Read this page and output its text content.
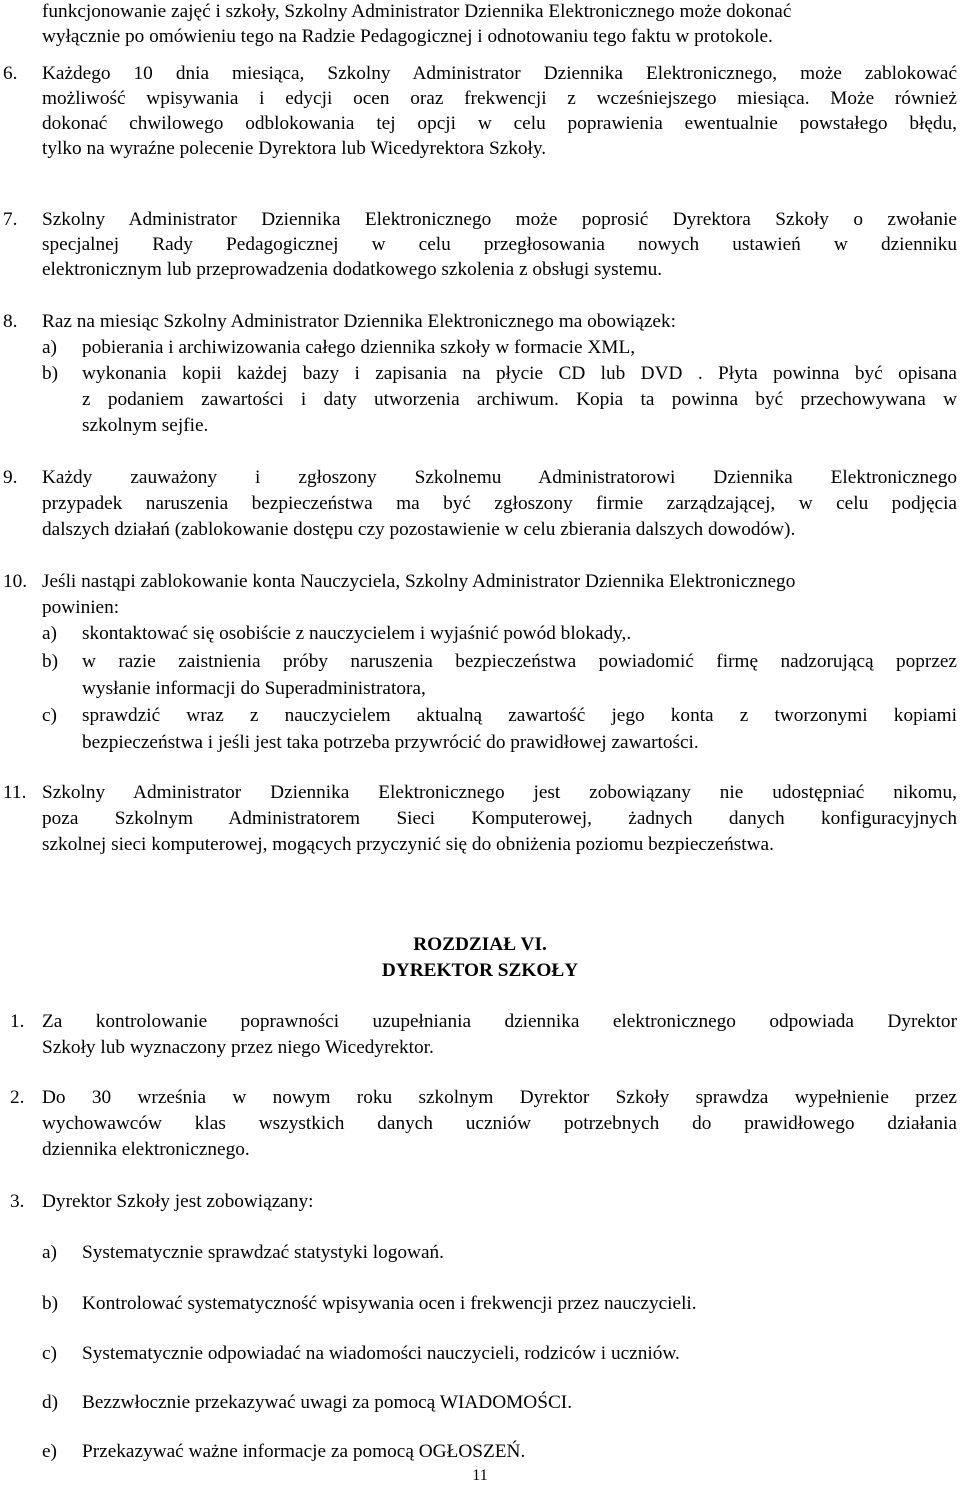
funkcjonowanie zajęć i szkoły, Szkolny Administrator Dziennika Elektronicznego może dokonać
wyłącznie po omówieniu tego na Radzie Pedagogicznej i odnotowaniu tego faktu w protokole.
6. Każdego 10 dnia miesiąca, Szkolny Administrator Dziennika Elektronicznego, może zablokować
możliwość wpisywania i edycji ocen oraz frekwencji z wcześniejszego miesiąca. Może również
dokonać chwilowego odblokowania tej opcji w celu poprawienia ewentualnie powstałego błędu,
tylko na wyraźne polecenie Dyrektora lub Wicedyrektora Szkoły.
7. Szkolny Administrator Dziennika Elektronicznego może poprosić Dyrektora Szkoły o zwołanie
specjalnej Rady Pedagogicznej w celu przegłosowania nowych ustawień w dzienniku
elektronicznym lub przeprowadzenia dodatkowego szkolenia z obsługi systemu.
8. Raz na miesiąc Szkolny Administrator Dziennika Elektronicznego ma obowiązek:
a) pobierania i archiwizowania całego dziennika szkoły w formacie XML,
b) wykonania kopii każdej bazy i zapisania na płycie CD lub DVD . Płyta powinna być opisana
z podaniem zawartości i daty utworzenia archiwum. Kopia ta powinna być przechowywana w
szkolnym sejfie.
9. Każdy zauważony i zgłoszony Szkolnemu Administratorowi Dziennika Elektronicznego
przypadek naruszenia bezpieczeństwa ma być zgłoszony firmie zarządzającej, w celu podjęcia
dalszych działań (zablokowanie dostępu czy pozostawienie w celu zbierania dalszych dowodów).
10. Jeśli nastąpi zablokowanie konta Nauczyciela, Szkolny Administrator Dziennika Elektronicznego
powinien:
a) skontaktować się osobiście z nauczycielem i wyjaśnić powód blokady,.
b) w razie zaistnienia próby naruszenia bezpieczeństwa powiadomić firmę nadzorującą poprzez
wysłanie informacji do Superadministratora,
c) sprawdzić wraz z nauczycielem aktualną zawartość jego konta z tworzonymi kopiami
bezpieczeństwa i jeśli jest taka potrzeba przywrócić do prawidłowej zawartości.
11. Szkolny Administrator Dziennika Elektronicznego jest zobowiązany nie udostępniać nikomu,
poza Szkolnym Administratorem Sieci Komputerowej, żadnych danych konfiguracyjnych
szkolnej sieci komputerowej, mogących przyczynić się do obniżenia poziomu bezpieczeństwa.
ROZDZIAŁ VI.
DYREKTOR SZKOŁY
1. Za kontrolowanie poprawności uzupełniania dziennika elektronicznego odpowiada Dyrektor
Szkoły lub wyznaczony przez niego Wicedyrektor.
2. Do 30 września w nowym roku szkolnym Dyrektor Szkoły sprawdza wypełnienie przez
wychowawców klas wszystkich danych uczniów potrzebnych do prawidłowego działania
dziennika elektronicznego.
3. Dyrektor Szkoły jest zobowiązany:
a) Systematycznie sprawdzać statystyki logowań.
b) Kontrolować systematyczność wpisywania ocen i frekwencji przez nauczycieli.
c) Systematycznie odpowiadać na wiadomości nauczycieli, rodziców i uczniów.
d) Bezzwłocznie przekazywać uwagi za pomocą WIADOMOŚCI.
e) Przekazywać ważne informacje za pomocą OGŁOSZEŃ.
11
